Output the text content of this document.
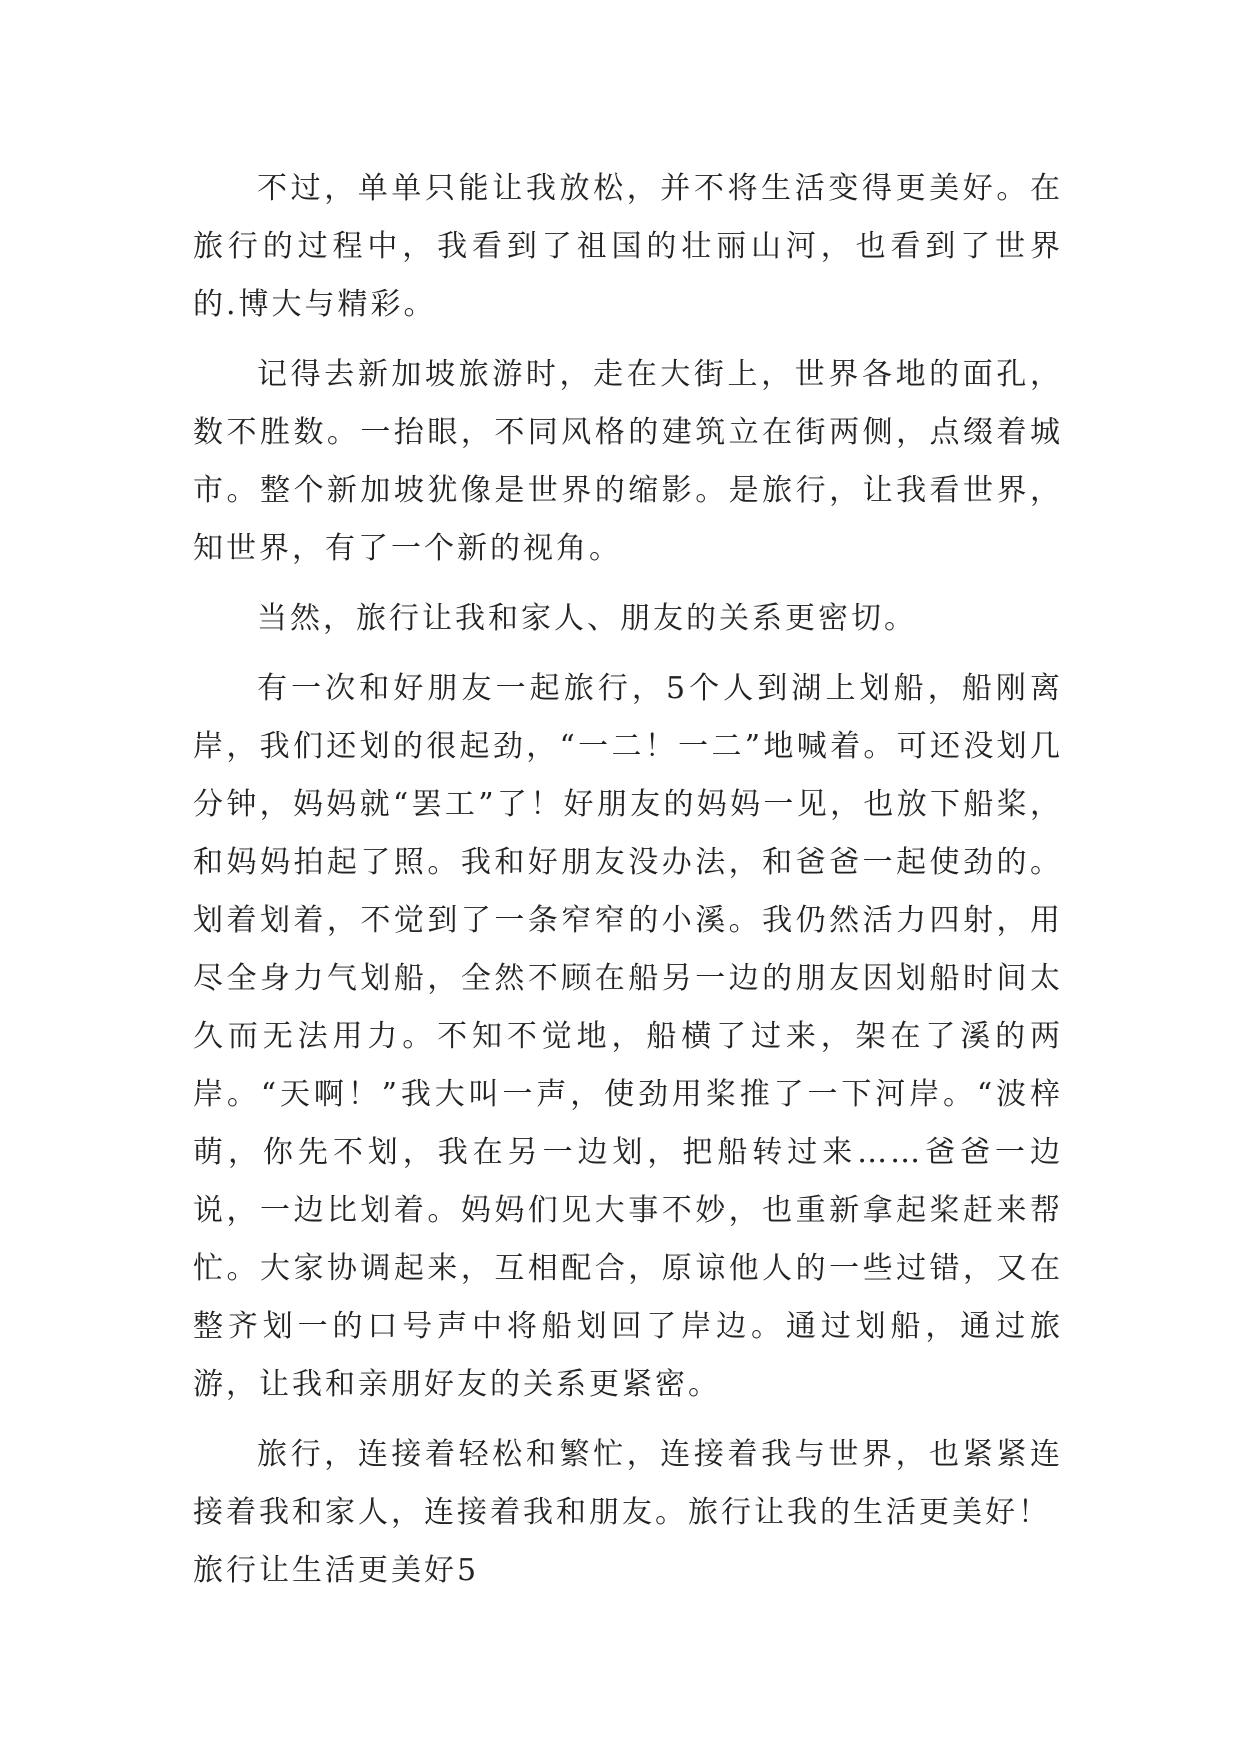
不过，单单只能让我放松，并不将生活变得更美好。在旅行的过程中，我看到了祖国的壮丽山河，也看到了世界的.博大与精彩。

记得去新加坡旅游时，走在大街上，世界各地的面孔，数不胜数。一抬眼，不同风格的建筑立在街两侧，点缀着城市。整个新加坡犹像是世界的缩影。是旅行，让我看世界，知世界，有了一个新的视角。

当然，旅行让我和家人、朋友的关系更密切。

有一次和好朋友一起旅行，5个人到湖上划船，船刚离岸，我们还划的很起劲，“一二！一二”地喊着。可还没划几分钟，妈妈就“罢工”了！好朋友的妈妈一见，也放下船桨，和妈妈拍起了照。我和好朋友没办法，和爸爸一起使劲的。划着划着，不觉到了一条窄窄的小溪。我仍然活力四射，用尽全身力气划船，全然不顾在船另一边的朋友因划船时间太久而无法用力。不知不觉地，船横了过来，架在了溪的两岸。“天啊！”我大叫一声，使劲用桨推了一下河岸。“波梓萌，你先不划，我在另一边划，把船转过来……爸爸一边说，一边比划着。妈妈们见大事不妙，也重新拿起桨赶来帮忙。大家协调起来，互相配合，原谅他人的一些过错，又在整齐划一的口号声中将船划回了岸边。通过划船，通过旅游，让我和亲朋好友的关系更紧密。

旅行，连接着轻松和繁忙，连接着我与世界，也紧紧连接着我和家人，连接着我和朋友。旅行让我的生活更美好！

旅行让生活更美好5
